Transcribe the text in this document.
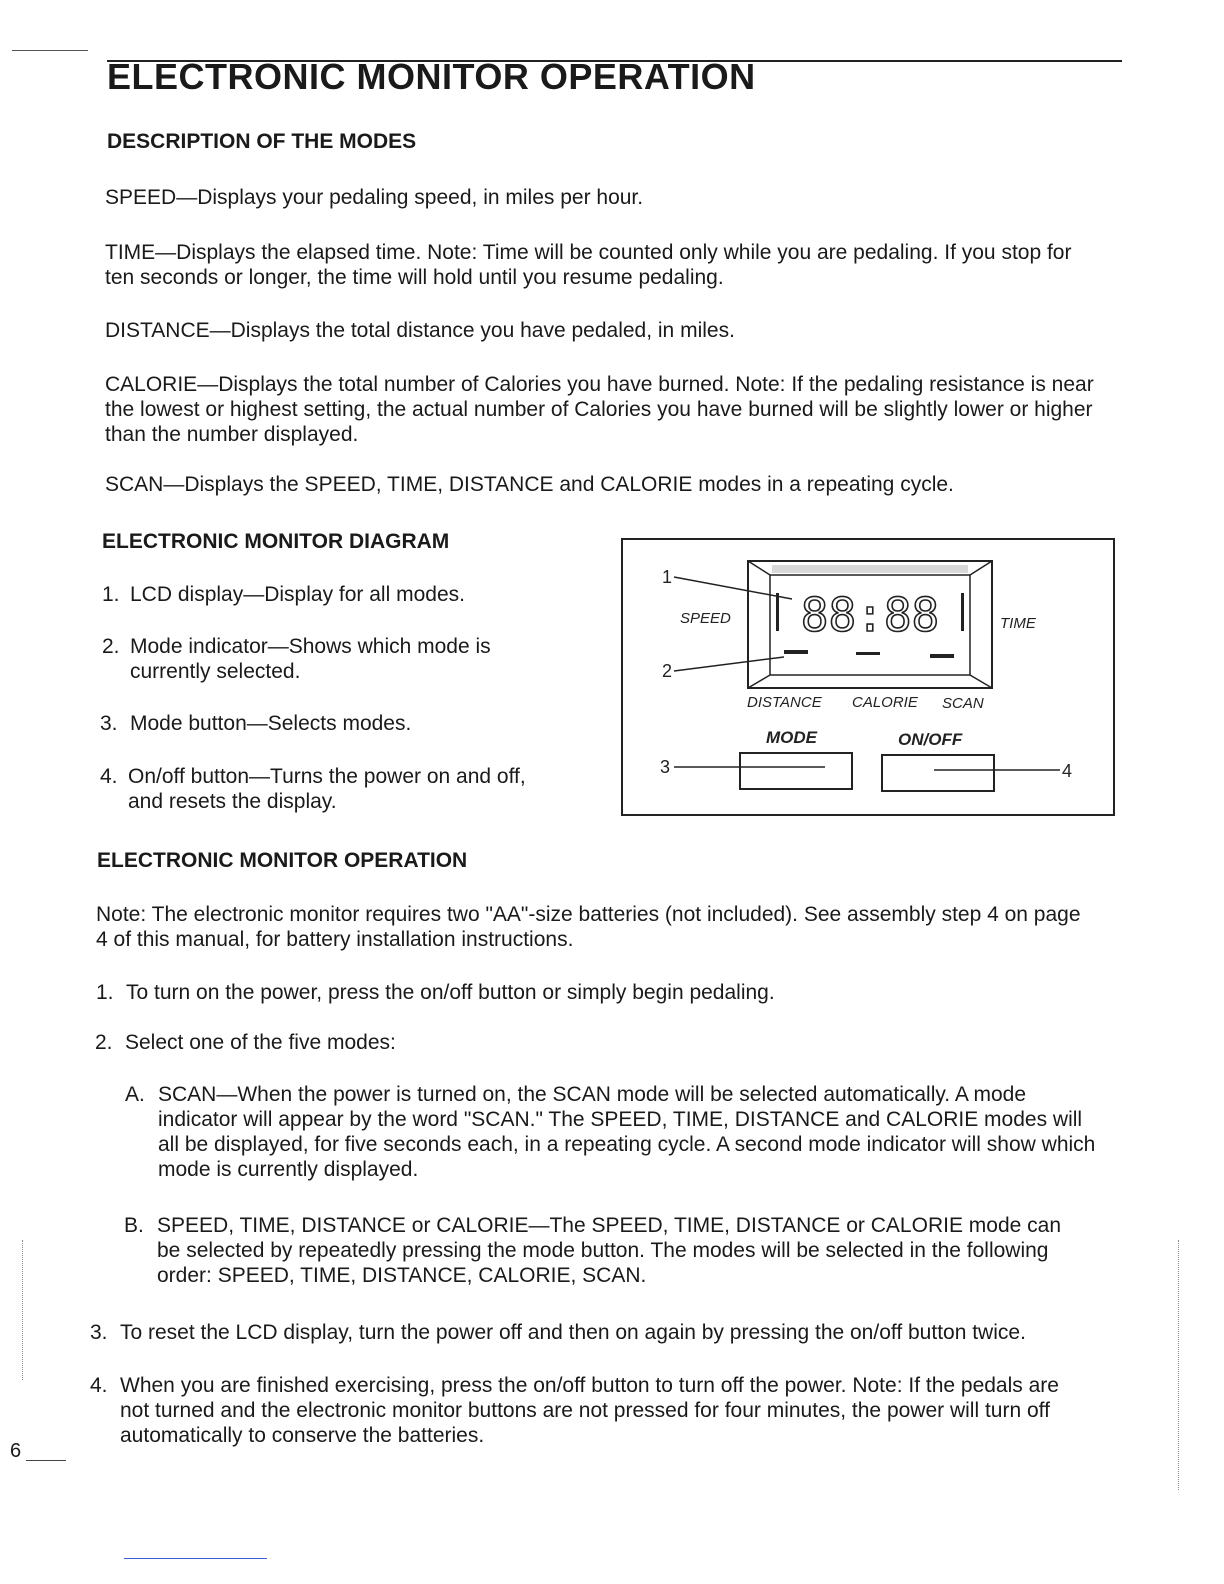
ELECTRONIC MONITOR OPERATION
DESCRIPTION OF THE MODES

SPEED—Displays your pedaling speed, in miles per hour.

TIME—Displays the elapsed time. Note: Time will be counted only while you are pedaling. If you stop for ten seconds or longer, the time will hold until you resume pedaling.

DISTANCE—Displays the total distance you have pedaled, in miles.

CALORIE—Displays the total number of Calories you have burned. Note: If the pedaling resistance is near the lowest or highest setting, the actual number of Calories you have burned will be slightly lower or higher than the number displayed.

SCAN—Displays the SPEED, TIME, DISTANCE and CALORIE modes in a repeating cycle.

ELECTRONIC MONITOR DIAGRAM
1. LCD display—Display for all modes.
2. Mode indicator—Shows which mode is currently selected.
3. Mode button—Selects modes.
4. On/off button—Turns the power on and off, and resets the display.
88:88
1
2
SPEED	TIME
DISTANCE CALORIE SCAN
MODE	ON/OFF
3	4
ELECTRONIC MONITOR OPERATION

Note: The electronic monitor requires two "AA"-size batteries (not included). See assembly step 4 on page 4 of this manual, for battery installation instructions.

1. To turn on the power, press the on/off button or simply begin pedaling.
2. Select one of the five modes:
A. SCAN—When the power is turned on, the SCAN mode will be selected automatically. A mode indicator will appear by the word "SCAN." The SPEED, TIME, DISTANCE and CALORIE modes will all be displayed, for five seconds each, in a repeating cycle. A second mode indicator will show which mode is currently displayed.
B. SPEED, TIME, DISTANCE or CALORIE—The SPEED, TIME, DISTANCE or CALORIE mode can be selected by repeatedly pressing the mode button. The modes will be selected in the following order: SPEED, TIME, DISTANCE, CALORIE, SCAN.
3. To reset the LCD display, turn the power off and then on again by pressing the on/off button twice.
4. When you are finished exercising, press the on/off button to turn off the power. Note: If the pedals are not turned and the electronic monitor buttons are not pressed for four minutes, the power will turn off automatically to conserve the batteries.
6
